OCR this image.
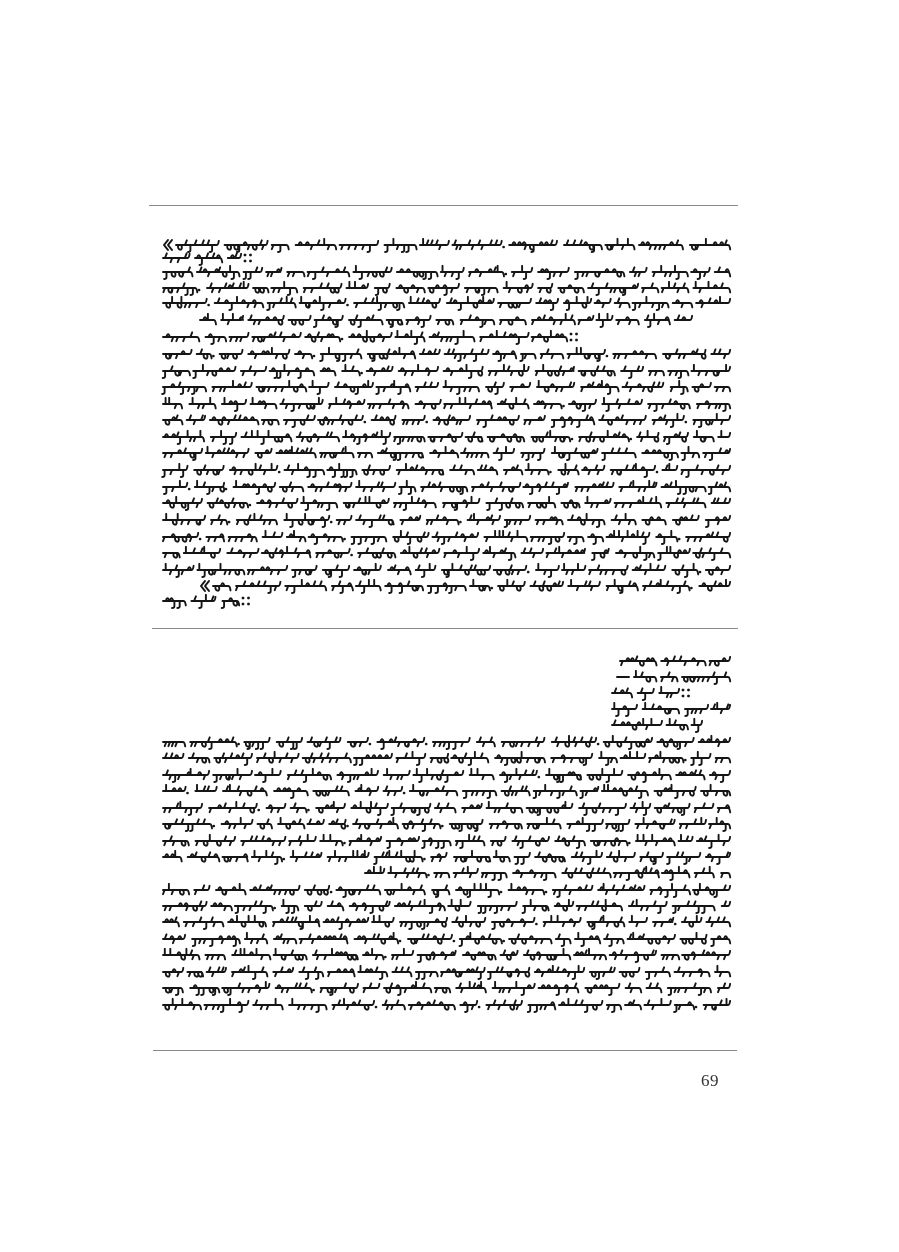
69
